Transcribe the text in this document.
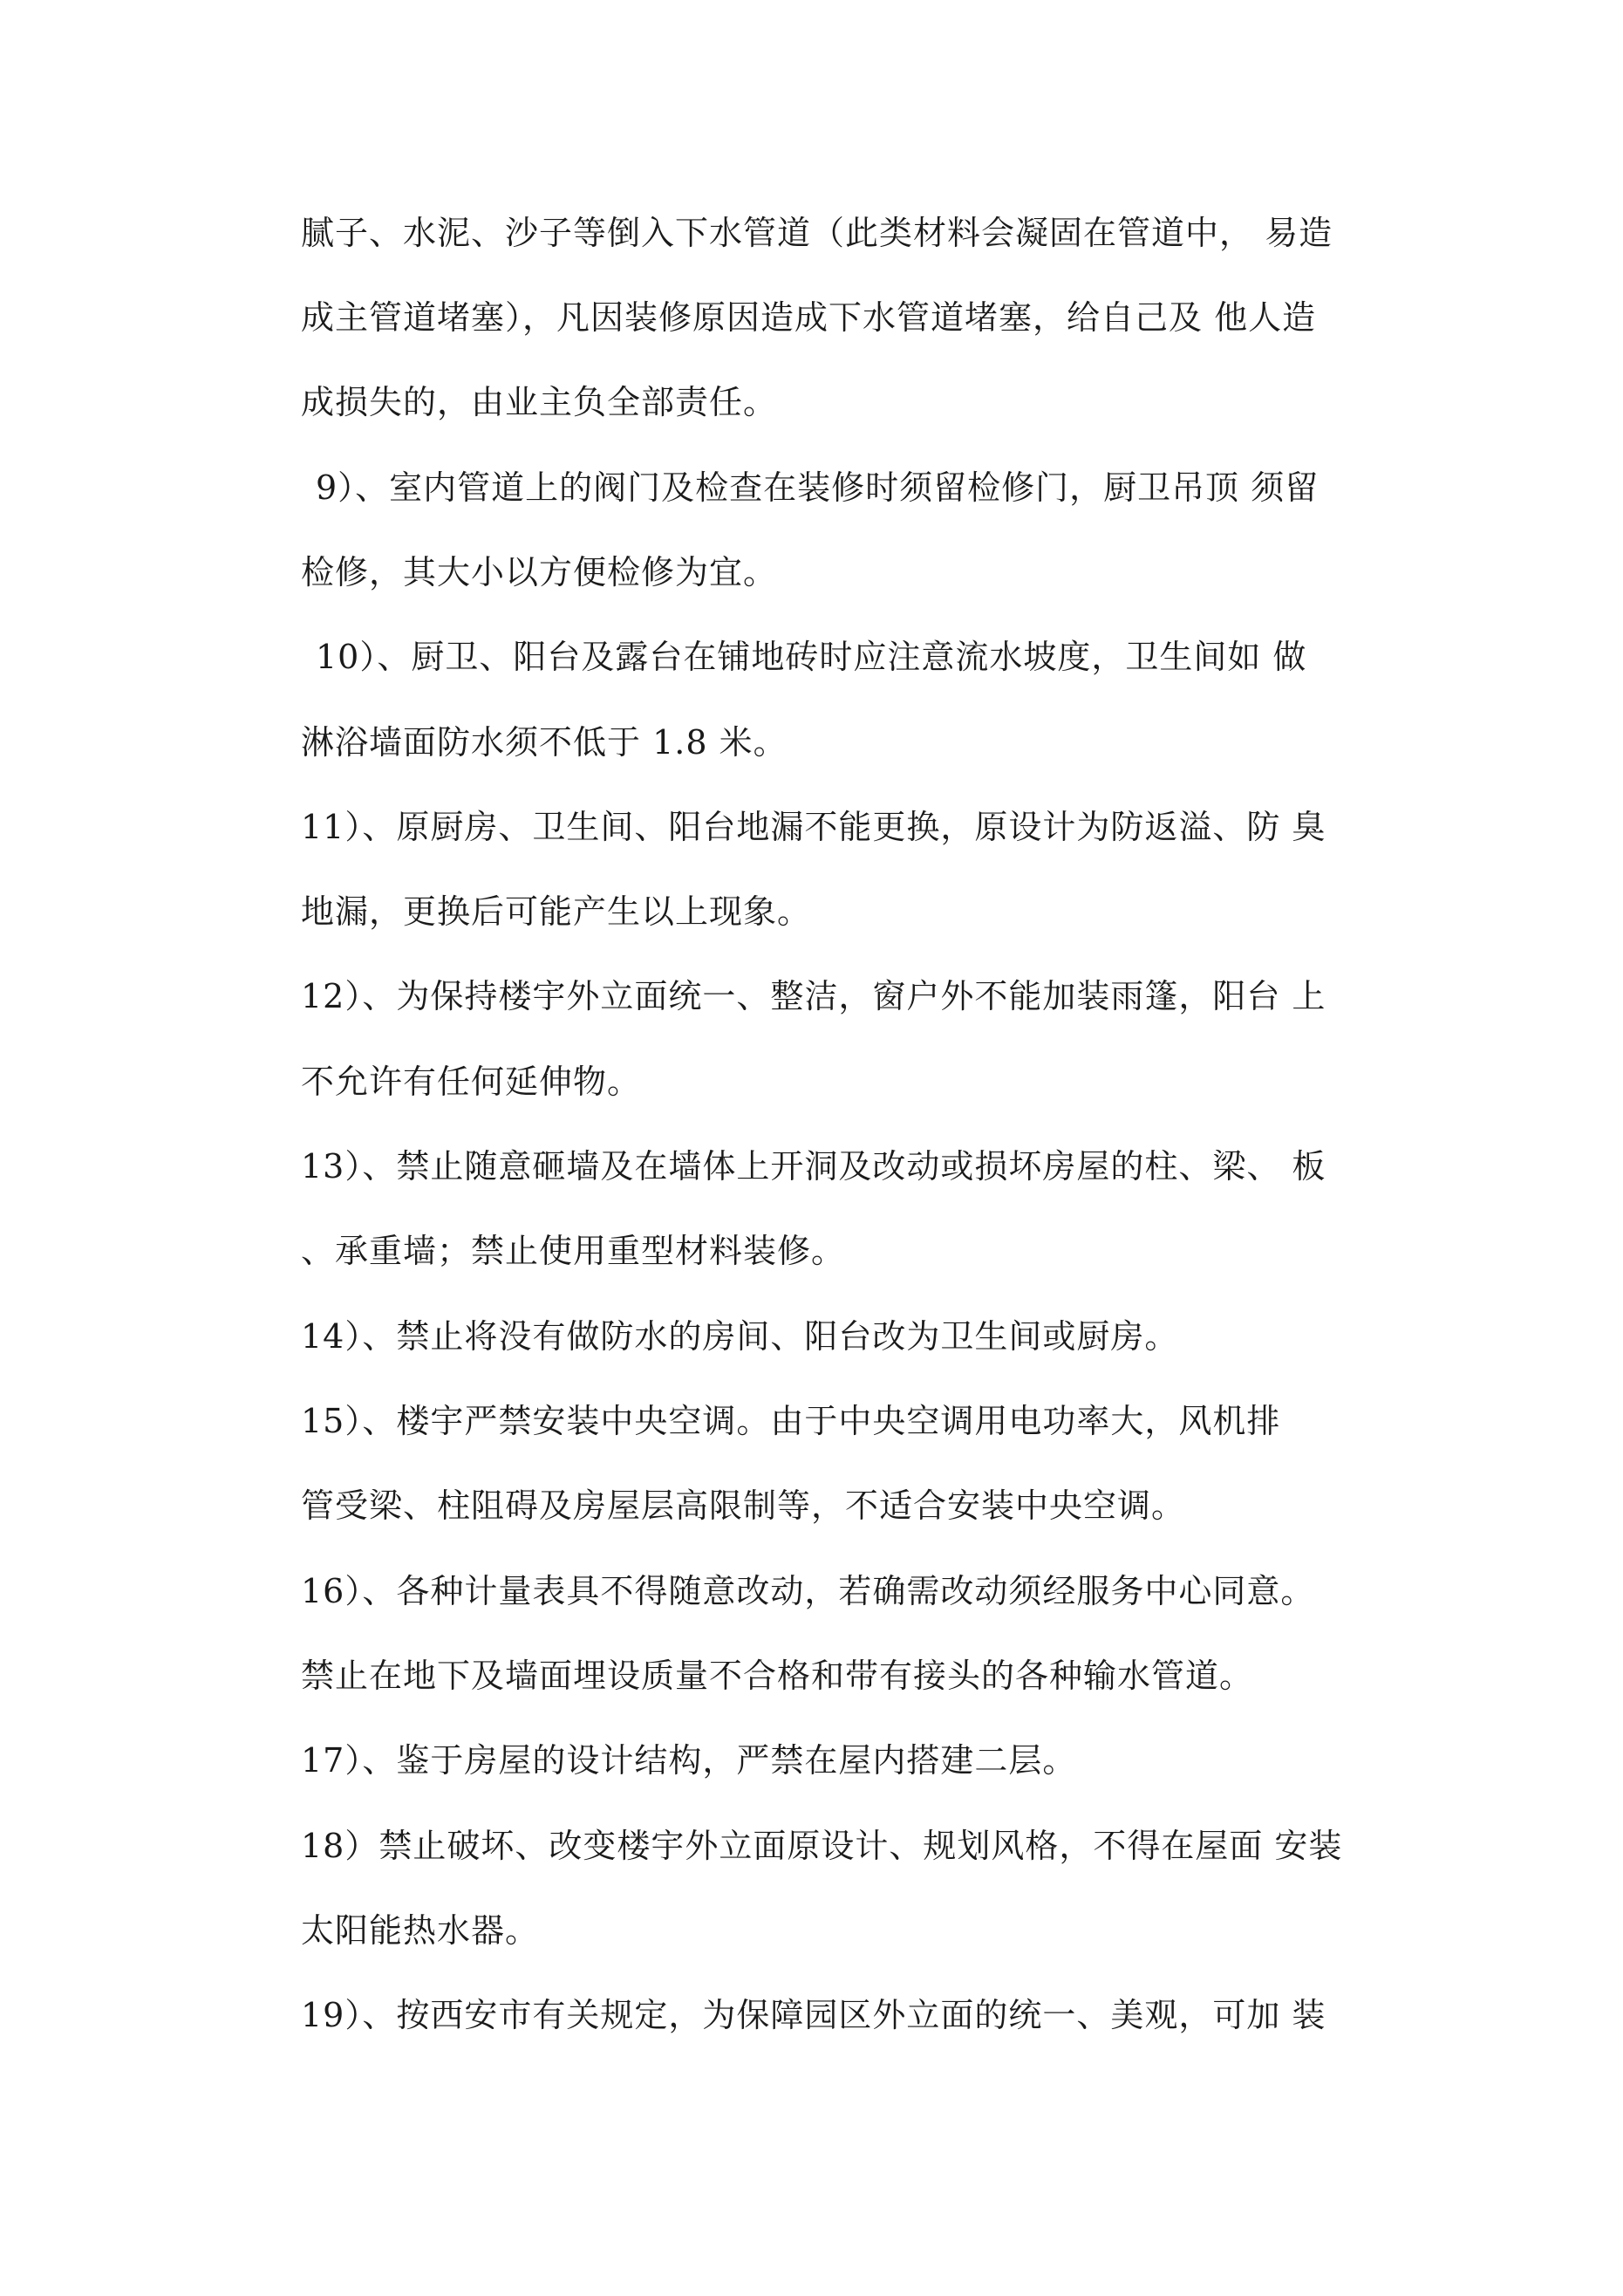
腻子、水泥、沙子等倒入下水管道（此类材料会凝固在管道中， 易造
成主管道堵塞），凡因装修原因造成下水管道堵塞，给自己及 他人造
成损失的，由业主负全部责任。
9）、室内管道上的阀门及检查在装修时须留检修门，厨卫吊顶 须留
检修，其大小以方便检修为宜。
10）、厨卫、阳台及露台在铺地砖时应注意流水坡度，卫生间如 做
淋浴墙面防水须不低于 1.8 米。
11）、原厨房、卫生间、阳台地漏不能更换，原设计为防返溢、防 臭
地漏，更换后可能产生以上现象。
12）、为保持楼宇外立面统一、整洁，窗户外不能加装雨篷，阳台 上
不允许有任何延伸物。
13）、禁止随意砸墙及在墙体上开洞及改动或损坏房屋的柱、梁、 板
、承重墙；禁止使用重型材料装修。
14）、禁止将没有做防水的房间、阳台改为卫生间或厨房。
15）、楼宇严禁安装中央空调。由于中央空调用电功率大，风机排
管受梁、柱阻碍及房屋层高限制等，不适合安装中央空调。
16）、各种计量表具不得随意改动，若确需改动须经服务中心同意。
禁止在地下及墙面埋设质量不合格和带有接头的各种输水管道。
17）、鉴于房屋的设计结构，严禁在屋内搭建二层。
18）禁止破坏、改变楼宇外立面原设计、规划风格，不得在屋面 安装
太阳能热水器。
19）、按西安市有关规定，为保障园区外立面的统一、美观，可加 装
